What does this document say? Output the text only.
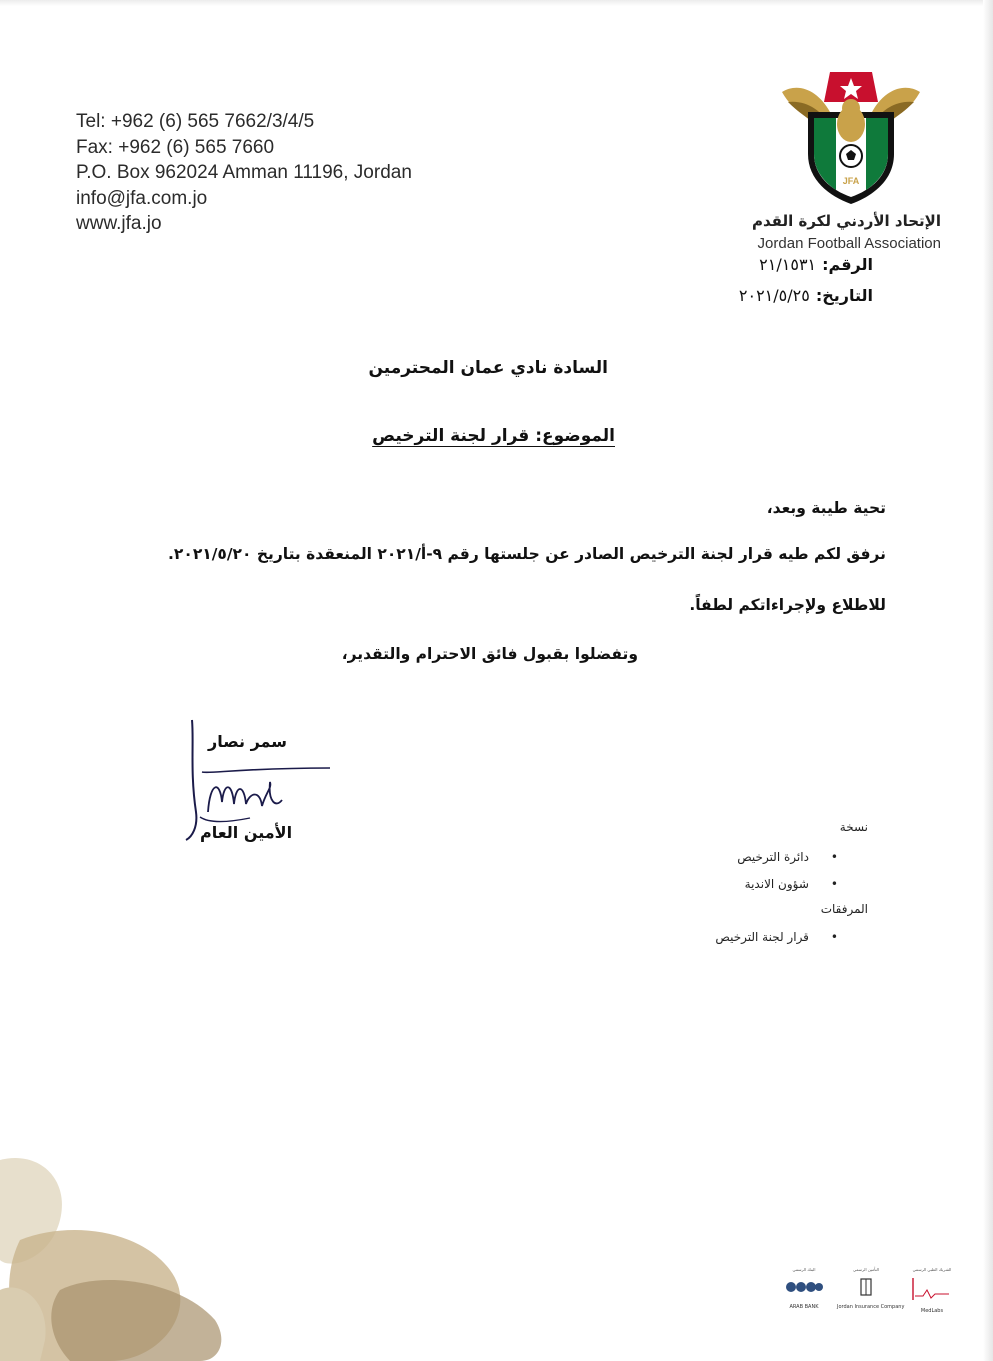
Tel: +962 (6) 565 7662/3/4/5
Fax: +962 (6) 565 7660
P.O. Box 962024 Amman 11196, Jordan
info@jfa.com.jo
www.jfa.jo
JFA
الإتحاد الأردني لكرة القدم
Jordan Football Association
الرقم:٢١/١٥٣١
التاريخ:٢٠٢١/٥/٢٥
السادة نادي عمان المحترمين
الموضوع: قرار لجنة الترخيص
تحية طيبة وبعد،
نرفق لكم طيه قرار لجنة الترخيص الصادر عن جلستها رقم ٩-أ/٢٠٢١ المنعقدة بتاريخ ٢٠٢١/٥/٢٠.
للاطلاع ولإجراءاتكم لطفاً.
وتفضلوا بقبول فائق الاحترام والتقدير،
سمر نصار
الأمين العام	نسخة
•دائرة الترخيص
•شؤون الاندية
المرفقات
•قرار لجنة الترخيص
البنك الرسمي
ARAB BANK
التأمين الرسمي
Jordan Insurance Company
الشريك الطبي الرسمي
MedLabs
